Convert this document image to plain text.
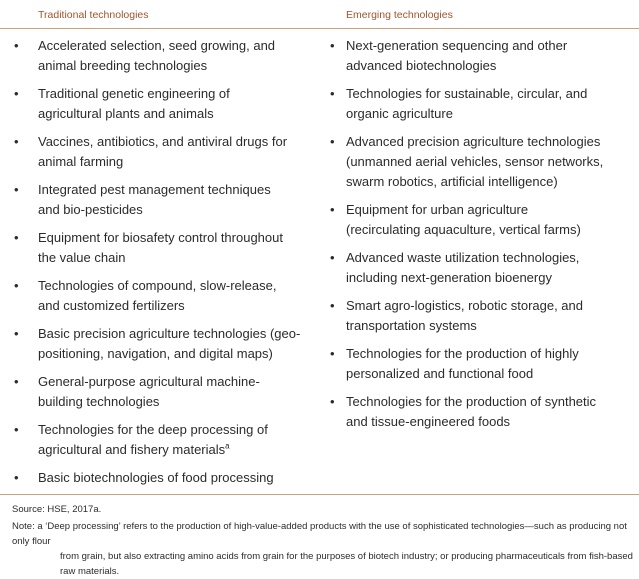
Traditional technologies	Emerging technologies

• Accelerated selection, seed growing, and
animal breeding technologies

• Traditional genetic engineering of
agricultural plants and animals

• Vaccines, antibiotics, and antiviral drugs for
animal farming

• Integrated pest management techniques
and bio-pesticides

• Equipment for biosafety control throughout
the value chain

• Technologies of compound, slow-release,
and customized fertilizers

• Basic precision agriculture technologies (geo-
positioning, navigation, and digital maps)

• General-purpose agricultural machine-
building technologies

• Technologies for the deep processing of
agricultural and fishery materials$^a$

• Basic biotechnologies of food processing

• Next-generation sequencing and other
advanced biotechnologies

• Technologies for sustainable, circular, and
organic agriculture

• Advanced precision agriculture technologies
(unmanned aerial vehicles, sensor networks,
swarm robotics, artificial intelligence)

• Equipment for urban agriculture
(recirculating aquaculture, vertical farms)

• Advanced waste utilization technologies,
including next-generation bioenergy

• Smart agro-logistics, robotic storage, and
transportation systems

• Technologies for the production of highly
personalized and functional food

• Technologies for the production of synthetic
and tissue-engineered foods

Source: HSE, 2017a.
Note: a ‘Deep processing’ refers to the production of high-value-added products with the use of sophisticated technologies—such as producing not only flour
from grain, but also extracting amino acids from grain for the purposes of biotech industry; or producing pharmaceuticals from fish-based raw materials.
